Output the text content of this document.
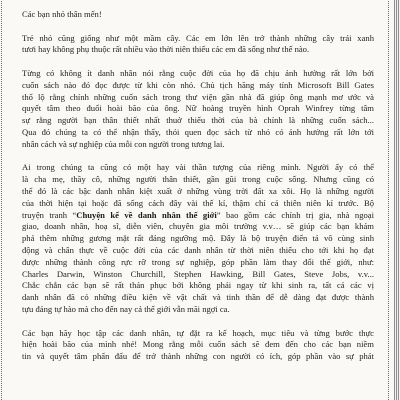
Các bạn nhỏ thân mến!

Trẻ nhỏ cũng giống như một mầm cây. Các em lớn lên trở thành những cây trái xanh
tươi hay không phụ thuộc rất nhiều vào thời niên thiếu các em đã sống như thế nào.

Từng có không ít danh nhân nói rằng cuộc đời của họ đã chịu ảnh hưởng rất lớn bởi
cuốn sách nào đó đọc được từ khi còn nhỏ. Chủ tịch hãng máy tính Microsoft Bill Gates
thổ lộ rằng chính những cuốn sách trong thư viện gần nhà đã giúp ông mạnh mơ ước và
quyết tâm theo đuổi hoài bão của ông. Nữ hoàng truyền hình Oprah Winfrey từng tâm
sự rằng người bạn thân thiết nhất thuở thiếu thời của bà chính là những cuốn sách...
Qua đó chúng ta có thể nhận thấy, thói quen đọc sách từ nhỏ có ảnh hưởng rất lớn tới
nhân cách và sự nghiệp của mỗi con người trong tương lai.

Ai trong chúng ta cũng có một hay vài thần tượng của riêng mình. Người ấy có thể
là cha mẹ, thầy cô, những người thân thiết, gần gũi trong cuộc sống. Nhưng cũng có
thể đó là các bậc danh nhân kiệt xuất ở những vùng trời đất xa xôi. Họ là những người
của thời hiện tại hoặc đã sống cách đây vài thế kỉ, thậm chí cả thiên niên kỉ trước. Bộ
truyện tranh “Chuyện kể về danh nhân thế giới” bao gồm các chính trị gia, nhà ngoại
giao, doanh nhân, hoạ sĩ, diễn viên, chuyên gia môi trường v.v… sẽ giúp các bạn khám
phá thêm những gương mặt rất đáng ngưỡng mộ. Đây là bộ truyện điển tả vô cùng sinh
động và chân thực về cuộc đời của các danh nhân từ thời niên thiếu cho tới khi họ đạt
được những thành công rực rỡ trong sự nghiệp, góp phần làm thay đổi thế giới, như:
Charles Darwin, Winston Churchill, Stephen Hawking, Bill Gates, Steve Jobs, v.v...
Chắc chắn các bạn sẽ rất thán phục bởi không phải ngay từ khi sinh ra, tất cả các vị
danh nhân đã có những điều kiện về vật chất và tinh thần để dễ dàng đạt được thành
tựu đáng tự hào mà cho đến nay cả thế giới vẫn mãi ngợi ca.

Các bạn hãy học tập các danh nhân, tự đặt ra kế hoạch, mục tiêu và từng bước thực
hiện hoài bão của mình nhé! Mong rằng mỗi cuốn sách sẽ đem đến cho các bạn niềm
tin và quyết tâm phấn đấu để trở thành những con người có ích, góp phần vào sự phát
